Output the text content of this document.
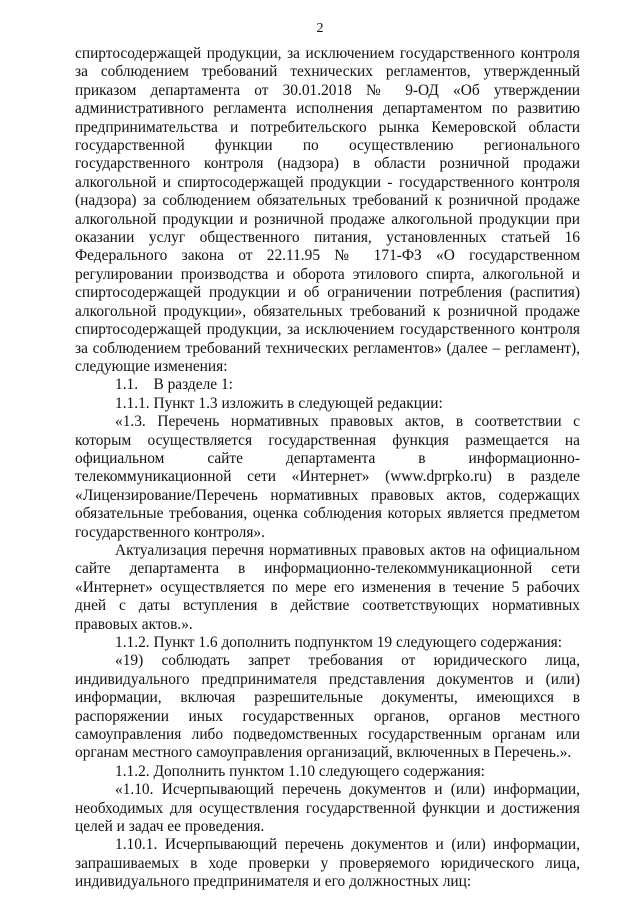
2

спиртосодержащей продукции, за исключением государственного контроля за соблюдением требований технических регламентов, утвержденный приказом департамента от 30.01.2018 № 9-ОД «Об утверждении административного регламента исполнения департаментом по развитию предпринимательства и потребительского рынка Кемеровской области государственной функции по осуществлению регионального государственного контроля (надзора) в области розничной продажи алкогольной и спиртосодержащей продукции - государственного контроля (надзора) за соблюдением обязательных требований к розничной продаже алкогольной продукции и розничной продаже алкогольной продукции при оказании услуг общественного питания, установленных статьей 16 Федерального закона от 22.11.95 № 171-ФЗ «О государственном регулировании производства и оборота этилового спирта, алкогольной и спиртосодержащей продукции и об ограничении потребления (распития) алкогольной продукции», обязательных требований к розничной продаже спиртосодержащей продукции, за исключением государственного контроля за соблюдением требований технических регламентов» (далее – регламент), следующие изменения:

1.1.    В разделе 1:

1.1.1. Пункт 1.3 изложить в следующей редакции:

«1.3. Перечень нормативных правовых актов, в соответствии с которым осуществляется государственная функция размещается на официальном сайте департамента в информационно-телекоммуникационной сети «Интернет» (www.dprpko.ru) в разделе «Лицензирование/Перечень нормативных правовых актов, содержащих обязательные требования, оценка соблюдения которых является предметом государственного контроля».

Актуализация перечня нормативных правовых актов на официальном сайте департамента в информационно-телекоммуникационной сети «Интернет» осуществляется по мере его изменения в течение 5 рабочих дней с даты вступления в действие соответствующих нормативных правовых актов.».

1.1.2. Пункт 1.6 дополнить подпунктом 19 следующего содержания:

«19) соблюдать запрет требования от юридического лица, индивидуального предпринимателя представления документов и (или) информации, включая разрешительные документы, имеющихся в распоряжении иных государственных органов, органов местного самоуправления либо подведомственных государственным органам или органам местного самоуправления организаций, включенных в Перечень.».

1.1.2. Дополнить пунктом 1.10 следующего содержания:

«1.10. Исчерпывающий перечень документов и (или) информации, необходимых для осуществления государственной функции и достижения целей и задач ее проведения.

1.10.1. Исчерпывающий перечень документов и (или) информации, запрашиваемых в ходе проверки у проверяемого юридического лица, индивидуального предпринимателя и его должностных лиц:
